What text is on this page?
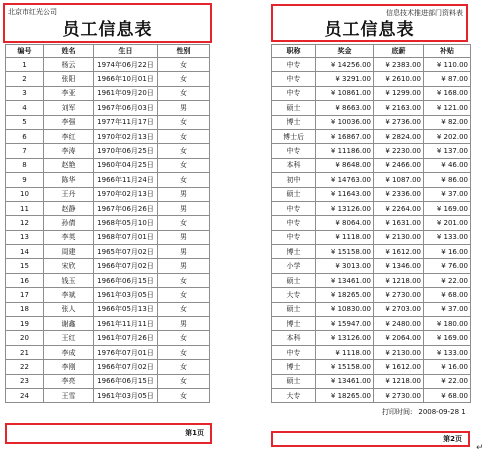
北京市红光公司
员工信息表
编号	姓名	生日	性别
1	杨云	1974年06月22日	女
2	张阳	1966年10月01日	女
3	李亚	1961年09月20日	女
4	刘军	1967年06月03日	男
5	李强	1977年11月17日	女
6	李红	1970年02月13日	女
7	李涛	1970年06月25日	女
8	赵艳	1960年04月25日	女
9	陈华	1966年11月24日	女
10	王丹	1970年02月13日	男
11	赵静	1967年06月26日	男
12	孙倩	1968年05月10日	女
13	李英	1968年07月01日	男
14	周建	1965年07月02日	男
15	宋欣	1966年07月02日	男
16	钱玉	1966年06月15日	女
17	李斌	1961年03月05日	女
18	张人	1966年05月13日	女
19	谢鑫	1961年11月11日	男
20	王红	1961年07月26日	女
21	李成	1976年07月01日	女
22	李刚	1966年07月02日	女
23	李亮	1966年06月15日	女
24	王雪	1961年03月05日	女
第1页
信息技术推进部门资料表
员工信息表
职称	奖金	底薪	补贴
中专	¥ 14256.00	¥ 2383.00	¥ 110.00
中专	¥ 3291.00	¥ 2610.00	¥ 87.00
中专	¥ 10861.00	¥ 1299.00	¥ 168.00
硕士	¥ 8663.00	¥ 2163.00	¥ 121.00
博士	¥ 10036.00	¥ 2736.00	¥ 82.00
博士后	¥ 16867.00	¥ 2824.00	¥ 202.00
中专	¥ 11186.00	¥ 2230.00	¥ 137.00
本科	¥ 8648.00	¥ 2466.00	¥ 46.00
初中	¥ 14763.00	¥ 1087.00	¥ 86.00
硕士	¥ 11643.00	¥ 2336.00	¥ 37.00
中专	¥ 13126.00	¥ 2264.00	¥ 169.00
中专	¥ 8064.00	¥ 1631.00	¥ 201.00
中专	¥ 1118.00	¥ 2130.00	¥ 133.00
博士	¥ 15158.00	¥ 1612.00	¥ 16.00
小学	¥ 3013.00	¥ 1346.00	¥ 76.00
硕士	¥ 13461.00	¥ 1218.00	¥ 22.00
大专	¥ 18265.00	¥ 2730.00	¥ 68.00
硕士	¥ 10830.00	¥ 2703.00	¥ 37.00
博士	¥ 15947.00	¥ 2480.00	¥ 180.00
本科	¥ 13126.00	¥ 2064.00	¥ 169.00
中专	¥ 1118.00	¥ 2130.00	¥ 133.00
博士	¥ 15158.00	¥ 1612.00	¥ 16.00
硕士	¥ 13461.00	¥ 1218.00	¥ 22.00
大专	¥ 18265.00	¥ 2730.00	¥ 68.00
打印时间: 2008-09-28 1
第2页
↵
